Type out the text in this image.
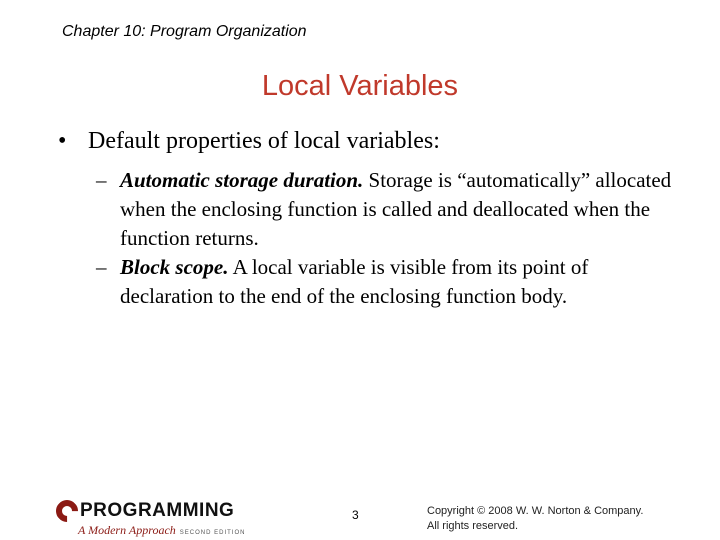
Chapter 10: Program Organization
Local Variables
• Default properties of local variables:
– Automatic storage duration. Storage is “automatically” allocated when the enclosing function is called and deallocated when the function returns.
– Block scope. A local variable is visible from its point of declaration to the end of the enclosing function body.
PROGRAMMING
A Modern Approach SECOND EDITION
3	Copyright © 2008 W. W. Norton & Company.
All rights reserved.
